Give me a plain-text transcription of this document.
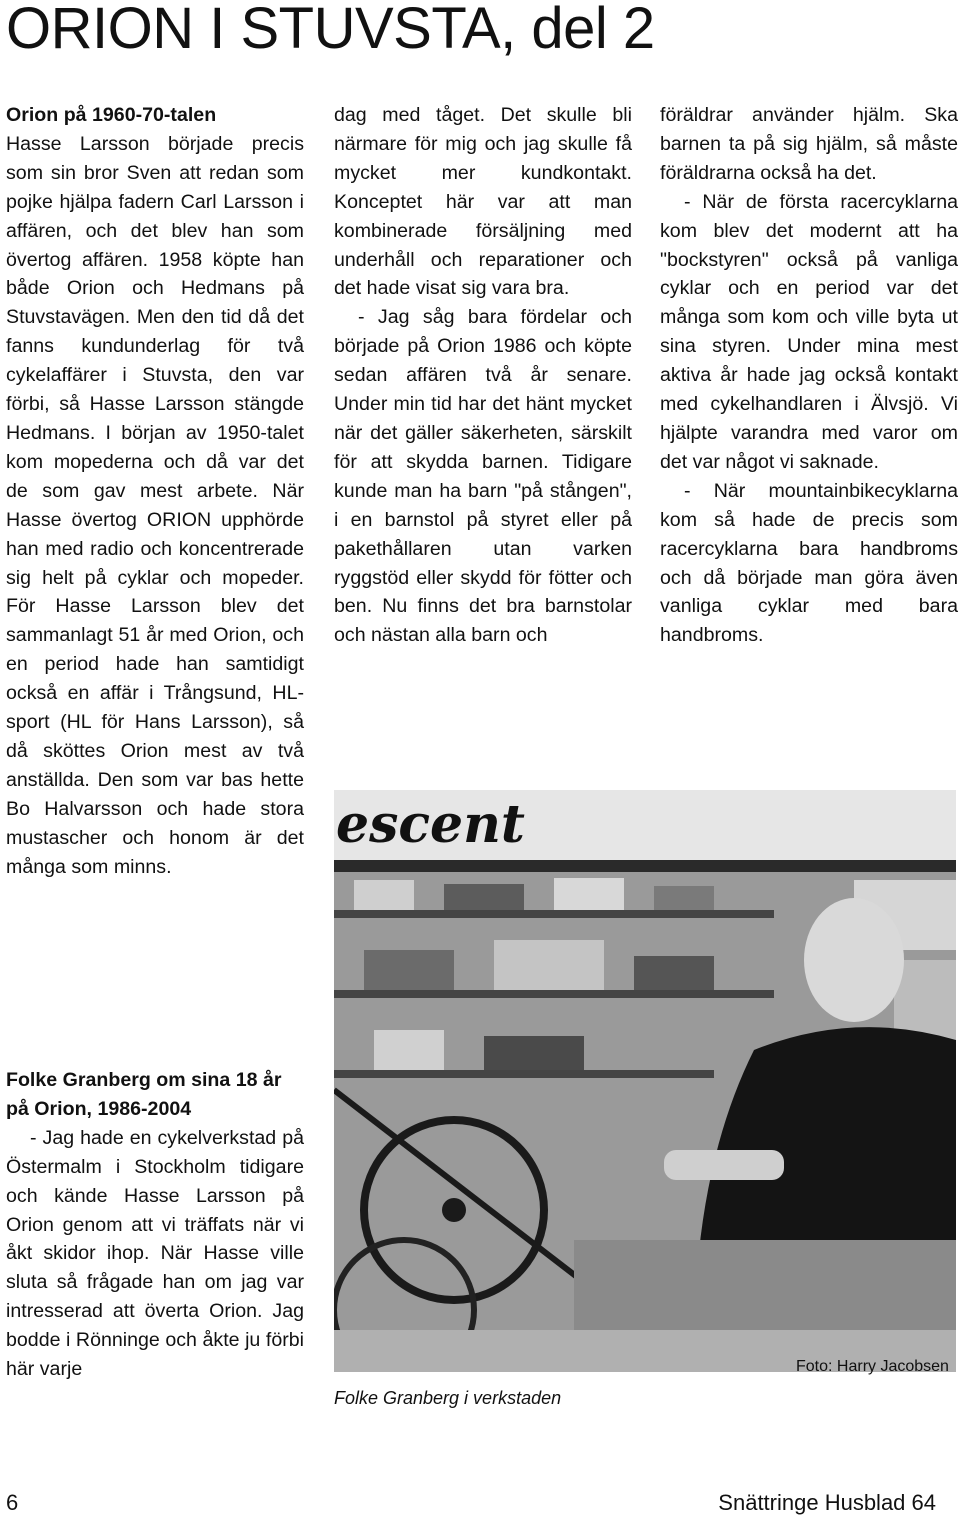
ORION I STUVSTA, del 2
Orion på 1960-70-talen

Hasse Larsson började precis som sin bror Sven att redan som pojke hjälpa fadern Carl Larsson i affären, och det blev han som övertog affären. 1958 köpte han både Orion och Hedmans på Stuvstavägen. Men den tid då det fanns kundunderlag för två cykelaffärer i Stuvsta, den var förbi, så Hasse Larsson stängde Hedmans. I början av 1950-talet kom mopederna och då var det de som gav mest arbete. När Hasse övertog ORION upphörde han med radio och koncentrerade sig helt på cyklar och mopeder. För Hasse Larsson blev det sammanlagt 51 år med Orion, och en period hade han samtidigt också en affär i Trångsund, HL-sport (HL för Hans Larsson), så då sköttes Orion mest av två anställda. Den som var bas hette Bo Halvarsson och hade stora mustascher och honom är det många som minns.

Folke Granberg om sina 18 år på Orion, 1986-2004

- Jag hade en cykelverkstad på Östermalm i Stockholm tidigare och kände Hasse Larsson på Orion genom att vi träffats när vi åkt skidor ihop. När Hasse ville sluta så frågade han om jag var intresserad att överta Orion. Jag bodde i Rönninge och åkte ju förbi här varje

dag med tåget. Det skulle bli närmare för mig och jag skulle få mycket mer kundkontakt. Konceptet här var att man kombinerade försäljning med underhåll och reparationer och det hade visat sig vara bra.

- Jag såg bara fördelar och började på Orion 1986 och köpte sedan affären två år senare. Under min tid har det hänt mycket när det gäller säkerheten, särskilt för att skydda barnen. Tidigare kunde man ha barn "på stången", i en barnstol på styret eller på pakethållaren utan varken ryggstöd eller skydd för fötter och ben. Nu finns det bra barnstolar och nästan alla barn och

föräldrar använder hjälm. Ska barnen ta på sig hjälm, så måste föräldrarna också ha det.

- När de första racercyklarna kom blev det modernt att ha "bockstyren" också på vanliga cyklar och en period var det många som kom och ville byta ut sina styren. Under mina mest aktiva år hade jag också kontakt med cykelhandlaren i Älvsjö. Vi hjälpte varandra med varor om det var något vi saknade.

- När mountainbikecyklarna kom så hade de precis som racercyklarna bara handbroms och då började man göra även vanliga cyklar med bara handbroms.

escent
Foto: Harry Jacobsen
Folke Granberg i verkstaden
6	Snättringe Husblad 64
